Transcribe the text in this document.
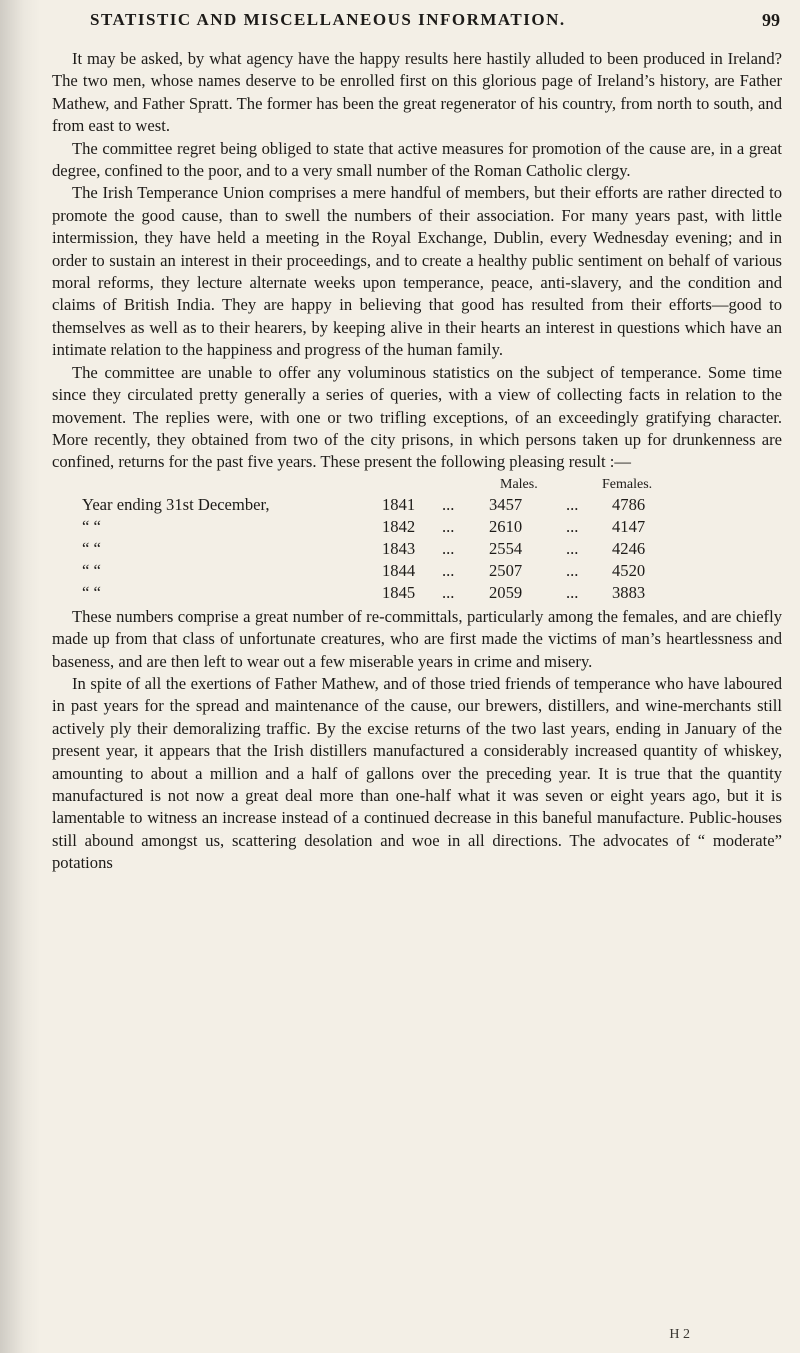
STATISTIC AND MISCELLANEOUS INFORMATION.	99

It may be asked, by what agency have the happy results here hastily alluded to been produced in Ireland? The two men, whose names deserve to be enrolled first on this glorious page of Ireland’s history, are Father Mathew, and Father Spratt. The former has been the great regenerator of his country, from north to south, and from east to west.

The committee regret being obliged to state that active measures for promotion of the cause are, in a great degree, confined to the poor, and to a very small number of the Roman Catholic clergy.

The Irish Temperance Union comprises a mere handful of members, but their efforts are rather directed to promote the good cause, than to swell the numbers of their association. For many years past, with little intermission, they have held a meeting in the Royal Exchange, Dublin, every Wednesday evening; and in order to sustain an interest in their proceedings, and to create a healthy public sentiment on behalf of various moral reforms, they lecture alternate weeks upon temperance, peace, anti-slavery, and the condition and claims of British India. They are happy in believing that good has resulted from their efforts—good to themselves as well as to their hearers, by keeping alive in their hearts an interest in questions which have an intimate relation to the happiness and progress of the human family.

The committee are unable to offer any voluminous statistics on the subject of temperance. Some time since they circulated pretty generally a series of queries, with a view of collecting facts in relation to the movement. The replies were, with one or two trifling exceptions, of an exceedingly gratifying character. More recently, they obtained from two of the city prisons, in which persons taken up for drunkenness are confined, returns for the past five years. These present the following pleasing result :—

Males.	Females.
Year ending 31st December,	1841 ... 3457	... 4786
“ “	1842 ... 2610	... 4147
“ “	1843 ... 2554	... 4246
“ “	1844 ... 2507	... 4520
“ “	1845 ... 2059	... 3883

These numbers comprise a great number of re-committals, particularly among the females, and are chiefly made up from that class of unfortunate creatures, who are first made the victims of man’s heartlessness and baseness, and are then left to wear out a few miserable years in crime and misery.

In spite of all the exertions of Father Mathew, and of those tried friends of temperance who have laboured in past years for the spread and maintenance of the cause, our brewers, distillers, and wine-merchants still actively ply their demoralizing traffic. By the excise returns of the two last years, ending in January of the present year, it appears that the Irish distillers manufactured a considerably increased quantity of whiskey, amounting to about a million and a half of gallons over the preceding year. It is true that the quantity manufactured is not now a great deal more than one-half what it was seven or eight years ago, but it is lamentable to witness an increase instead of a continued decrease in this baneful manufacture. Public-houses still abound amongst us, scattering desolation and woe in all directions. The advocates of “ moderate” potations

H 2
